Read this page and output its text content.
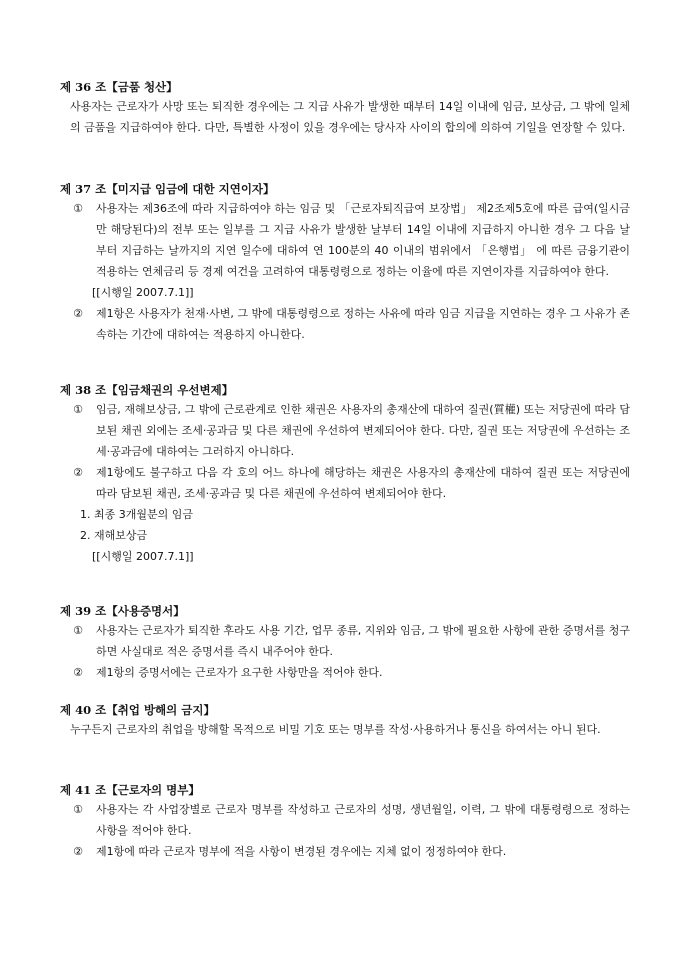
제 36 조【금품 청산】
사용자는 근로자가 사망 또는 퇴직한 경우에는 그 지급 사유가 발생한 때부터 14일 이내에 임금, 보상금, 그 밖에 일체의 금품을 지급하여야 한다. 다만, 특별한 사정이 있을 경우에는 당사자 사이의 합의에 의하여 기일을 연장할 수 있다.
제 37 조【미지급 임금에 대한 지연이자】
①	사용자는 제36조에 따라 지급하여야 하는 임금 및 「근로자퇴직급여 보장법」 제2조제5호에 따른 급여(일시금만 해당된다)의 전부 또는 일부를 그 지급 사유가 발생한 날부터 14일 이내에 지급하지 아니한 경우 그 다음 날부터 지급하는 날까지의 지연 일수에 대하여 연 100분의 40 이내의 범위에서 「은행법」 에 따른 금융기관이 적용하는 연체금리 등 경제 여건을 고려하여 대통령령으로 정하는 이율에 따른 지연이자를 지급하여야 한다.
[[시행일 2007.7.1]]
②	제1항은 사용자가 천재·사변, 그 밖에 대통령령으로 정하는 사유에 따라 임금 지급을 지연하는 경우 그 사유가 존속하는 기간에 대하여는 적용하지 아니한다.
제 38 조【임금채권의 우선변제】
①	임금, 재해보상금, 그 밖에 근로관계로 인한 채권은 사용자의 총재산에 대하여 질권(質權) 또는 저당권에 따라 담보된 채권 외에는 조세·공과금 및 다른 채권에 우선하여 변제되어야 한다. 다만, 질권 또는 저당권에 우선하는 조세·공과금에 대하여는 그러하지 아니하다.
②	제1항에도 불구하고 다음 각 호의 어느 하나에 해당하는 채권은 사용자의 총재산에 대하여 질권 또는 저당권에 따라 담보된 채권, 조세·공과금 및 다른 채권에 우선하여 변제되어야 한다.
1. 최종 3개월분의 임금
2. 재해보상금
[[시행일 2007.7.1]]
제 39 조【사용증명서】
①	사용자는 근로자가 퇴직한 후라도 사용 기간, 업무 종류, 지위와 임금, 그 밖에 필요한 사항에 관한 증명서를 청구하면 사실대로 적은 증명서를 즉시 내주어야 한다.
②	제1항의 증명서에는 근로자가 요구한 사항만을 적어야 한다.
제 40 조【취업 방해의 금지】
누구든지 근로자의 취업을 방해할 목적으로 비밀 기호 또는 명부를 작성·사용하거나 통신을 하여서는 아니 된다.
제 41 조【근로자의 명부】
①	사용자는 각 사업장별로 근로자 명부를 작성하고 근로자의 성명, 생년월일, 이력, 그 밖에 대통령령으로 정하는 사항을 적어야 한다.
②	제1항에 따라 근로자 명부에 적을 사항이 변경된 경우에는 지체 없이 정정하여야 한다.
